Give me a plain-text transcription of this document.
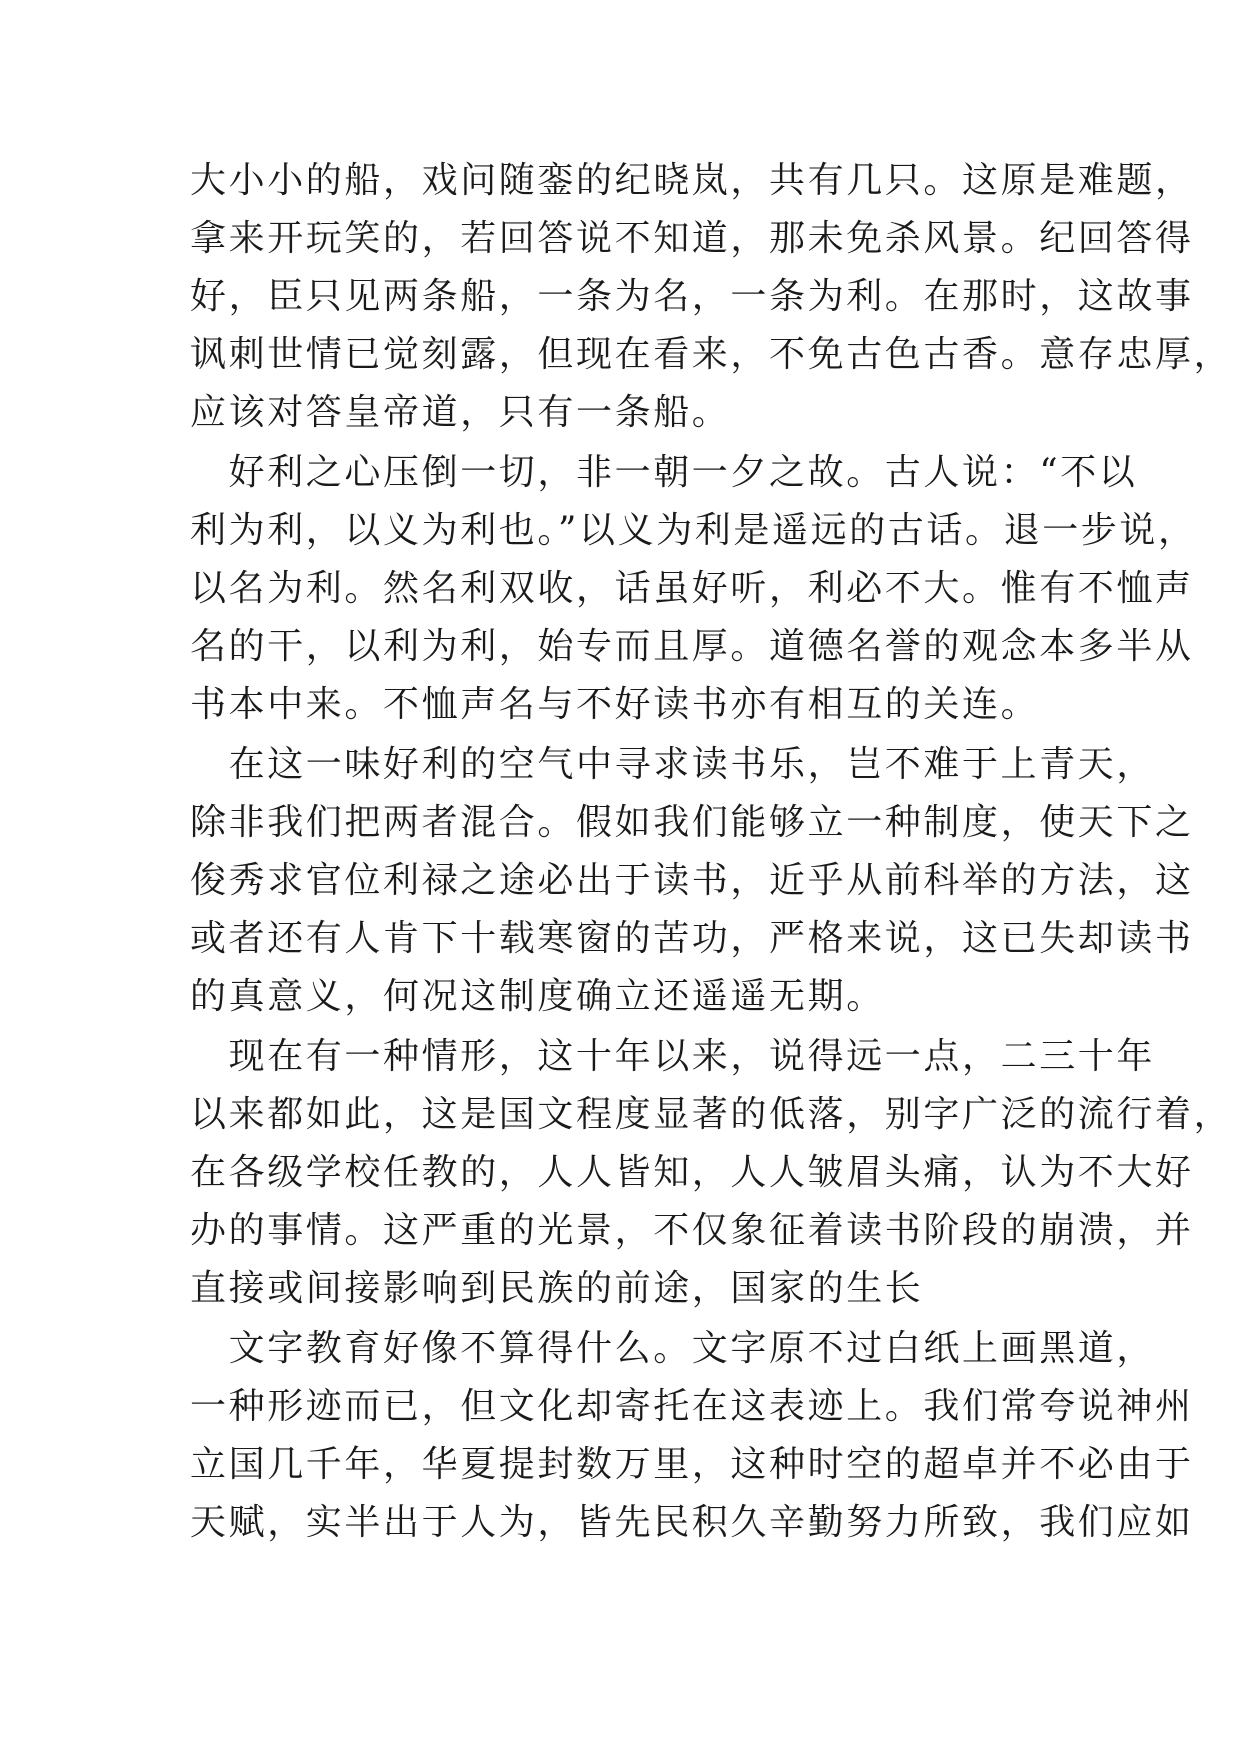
大小小的船，戏问随銮的纪晓岚，共有几只。这原是难题，
拿来开玩笑的，若回答说不知道，那未免杀风景。纪回答得
好，臣只见两条船，一条为名，一条为利。在那时，这故事
讽刺世情已觉刻露，但现在看来，不免古色古香。意存忠厚，
应该对答皇帝道，只有一条船。
　好利之心压倒一切，非一朝一夕之故。古人说：“不以
利为利，以义为利也。”以义为利是遥远的古话。退一步说，
以名为利。然名利双收，话虽好听，利必不大。惟有不恤声
名的干，以利为利，始专而且厚。道德名誉的观念本多半从
书本中来。不恤声名与不好读书亦有相互的关连。
　在这一味好利的空气中寻求读书乐，岂不难于上青天，
除非我们把两者混合。假如我们能够立一种制度，使天下之
俊秀求官位利禄之途必出于读书，近乎从前科举的方法，这
或者还有人肯下十载寒窗的苦功，严格来说，这已失却读书
的真意义，何况这制度确立还遥遥无期。
　现在有一种情形，这十年以来，说得远一点，二三十年
以来都如此，这是国文程度显著的低落，别字广泛的流行着，
在各级学校任教的，人人皆知，人人皱眉头痛，认为不大好
办的事情。这严重的光景，不仅象征着读书阶段的崩溃，并
直接或间接影响到民族的前途，国家的生长
　文字教育好像不算得什么。文字原不过白纸上画黑道，
一种形迹而已，但文化却寄托在这表迹上。我们常夸说神州
立国几千年，华夏提封数万里，这种时空的超卓并不必由于
天赋，实半出于人为，皆先民积久辛勤努力所致，我们应如
